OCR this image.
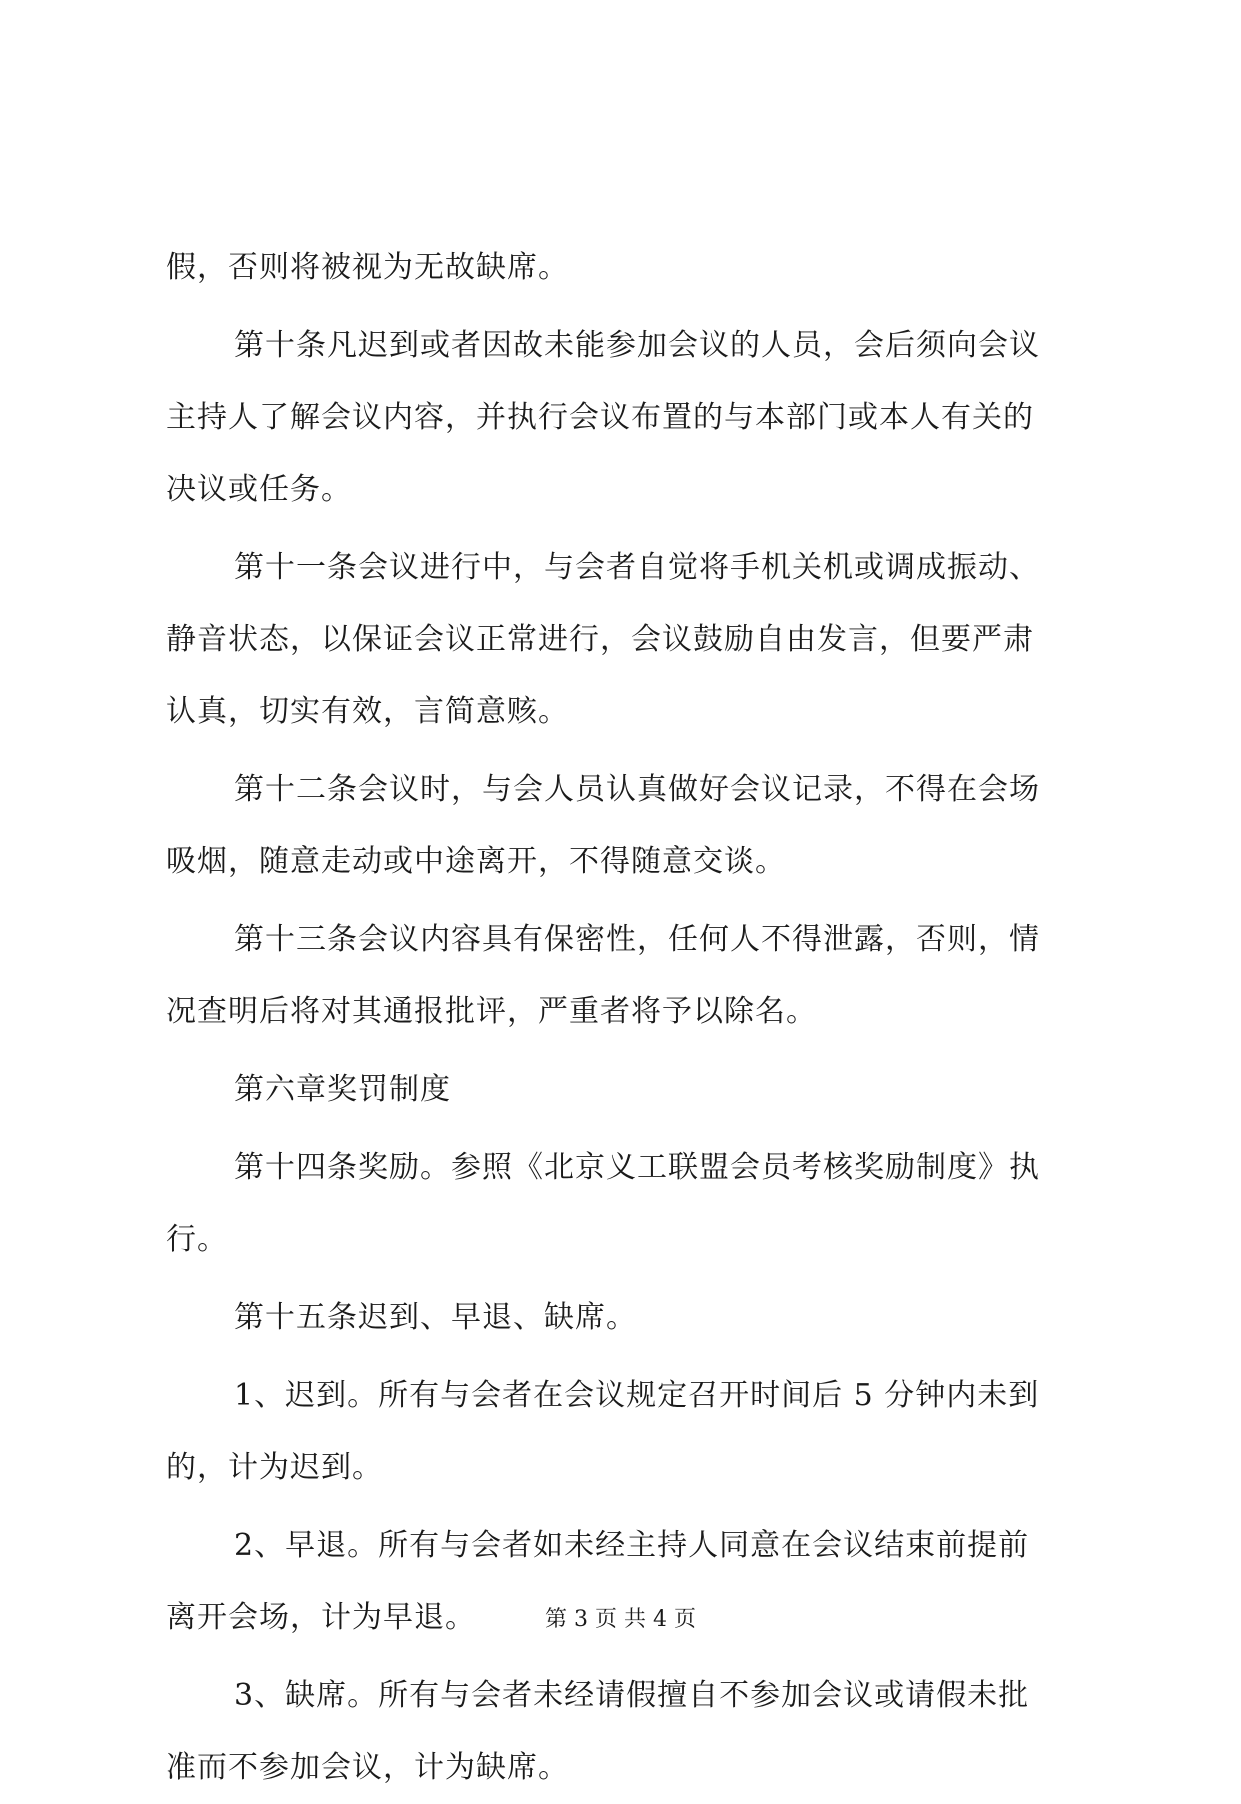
假，否则将被视为无故缺席。
第十条凡迟到或者因故未能参加会议的人员，会后须向会议
主持人了解会议内容，并执行会议布置的与本部门或本人有关的
决议或任务。
第十一条会议进行中，与会者自觉将手机关机或调成振动、
静音状态，以保证会议正常进行，会议鼓励自由发言，但要严肃
认真，切实有效，言简意赅。
第十二条会议时，与会人员认真做好会议记录，不得在会场
吸烟，随意走动或中途离开，不得随意交谈。
第十三条会议内容具有保密性，任何人不得泄露，否则，情
况查明后将对其通报批评，严重者将予以除名。
第六章奖罚制度
第十四条奖励。参照《北京义工联盟会员考核奖励制度》执
行。
第十五条迟到、早退、缺席。
1、迟到。所有与会者在会议规定召开时间后 5 分钟内未到
的，计为迟到。
2、早退。所有与会者如未经主持人同意在会议结束前提前
离开会场，计为早退。
3、缺席。所有与会者未经请假擅自不参加会议或请假未批
准而不参加会议，计为缺席。
第 3 页 共 4 页
